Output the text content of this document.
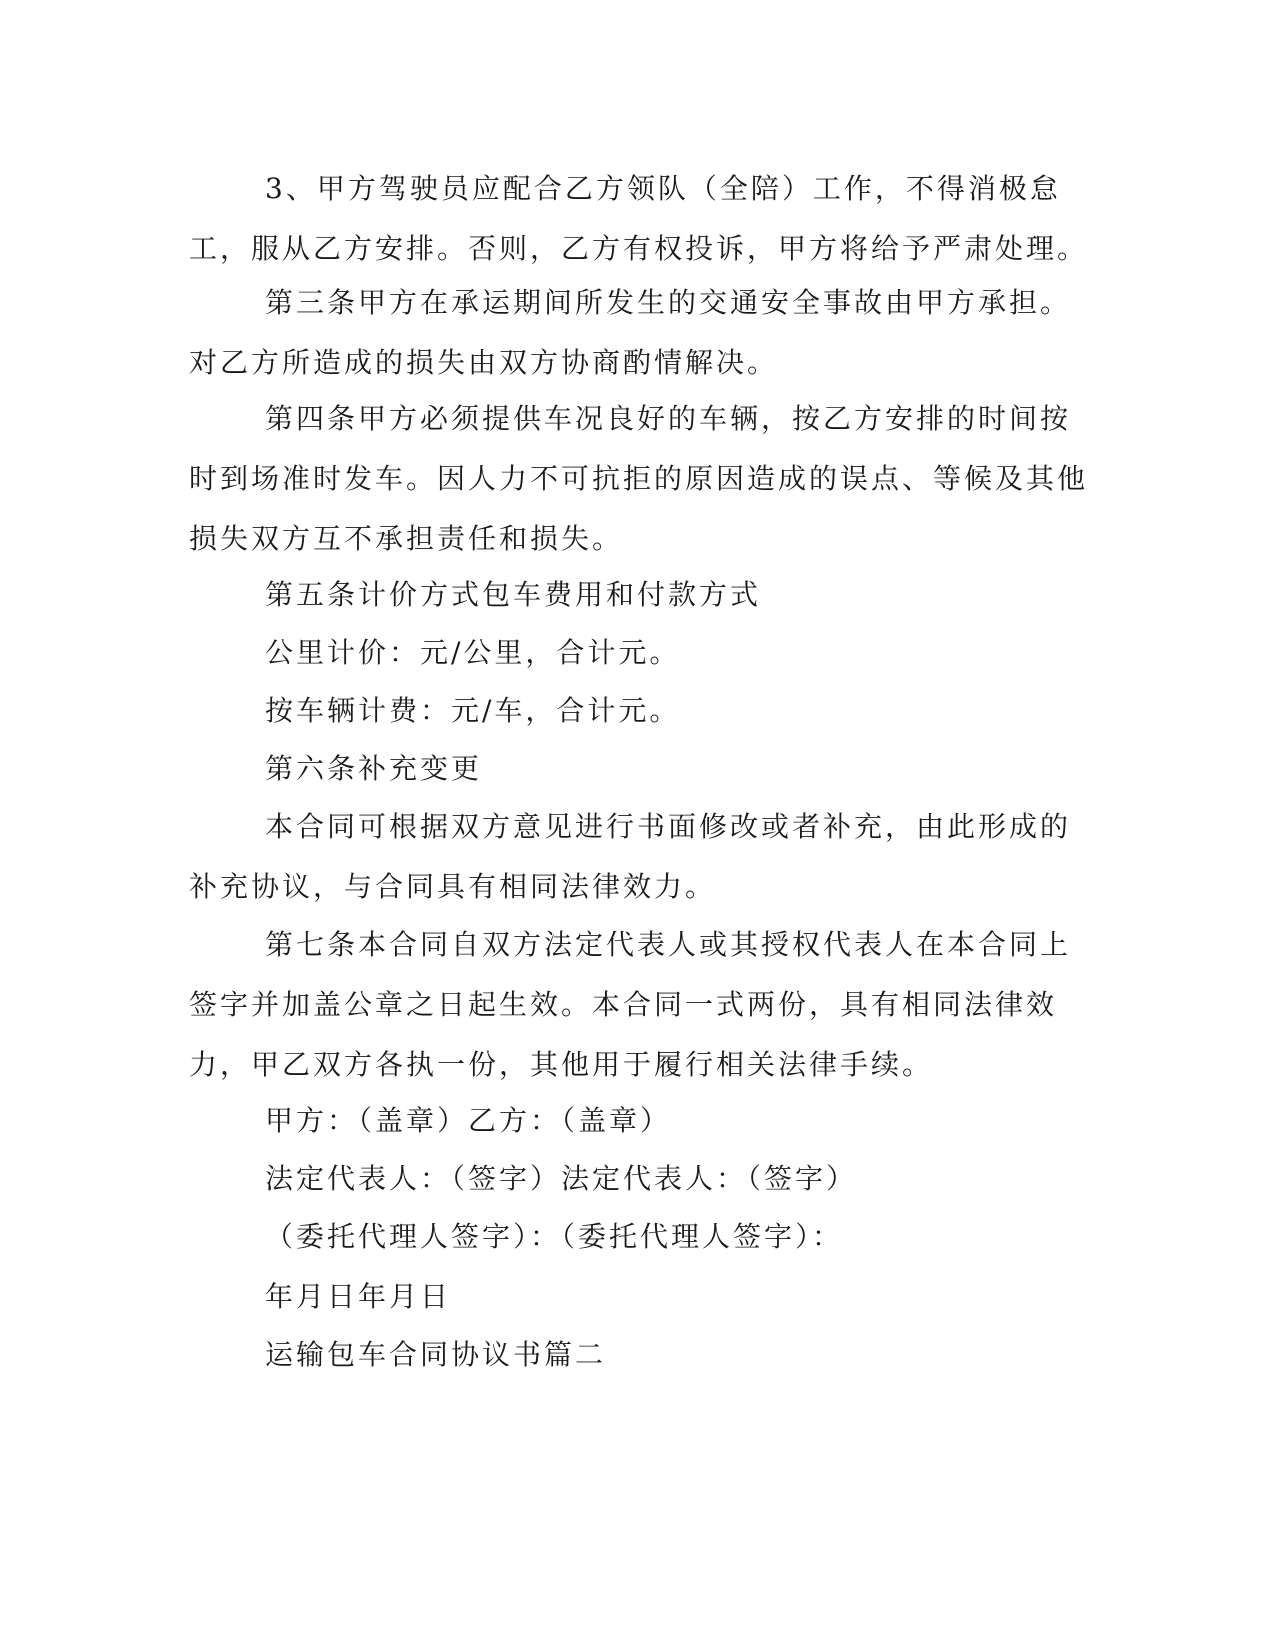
3、甲方驾驶员应配合乙方领队（全陪）工作，不得消极怠工，服从乙方安排。否则，乙方有权投诉，甲方将给予严肃处理。

第三条甲方在承运期间所发生的交通安全事故由甲方承担。对乙方所造成的损失由双方协商酌情解决。

第四条甲方必须提供车况良好的车辆，按乙方安排的时间按时到场准时发车。因人力不可抗拒的原因造成的误点、等候及其他损失双方互不承担责任和损失。

第五条计价方式包车费用和付款方式

公里计价：元/公里，合计元。

按车辆计费：元/车，合计元。

第六条补充变更

本合同可根据双方意见进行书面修改或者补充，由此形成的补充协议，与合同具有相同法律效力。

第七条本合同自双方法定代表人或其授权代表人在本合同上签字并加盖公章之日起生效。本合同一式两份，具有相同法律效力，甲乙双方各执一份，其他用于履行相关法律手续。

甲方：（盖章）乙方：（盖章）

法定代表人：（签字）法定代表人：（签字）

（委托代理人签字）：（委托代理人签字）：

年月日年月日

运输包车合同协议书篇二
